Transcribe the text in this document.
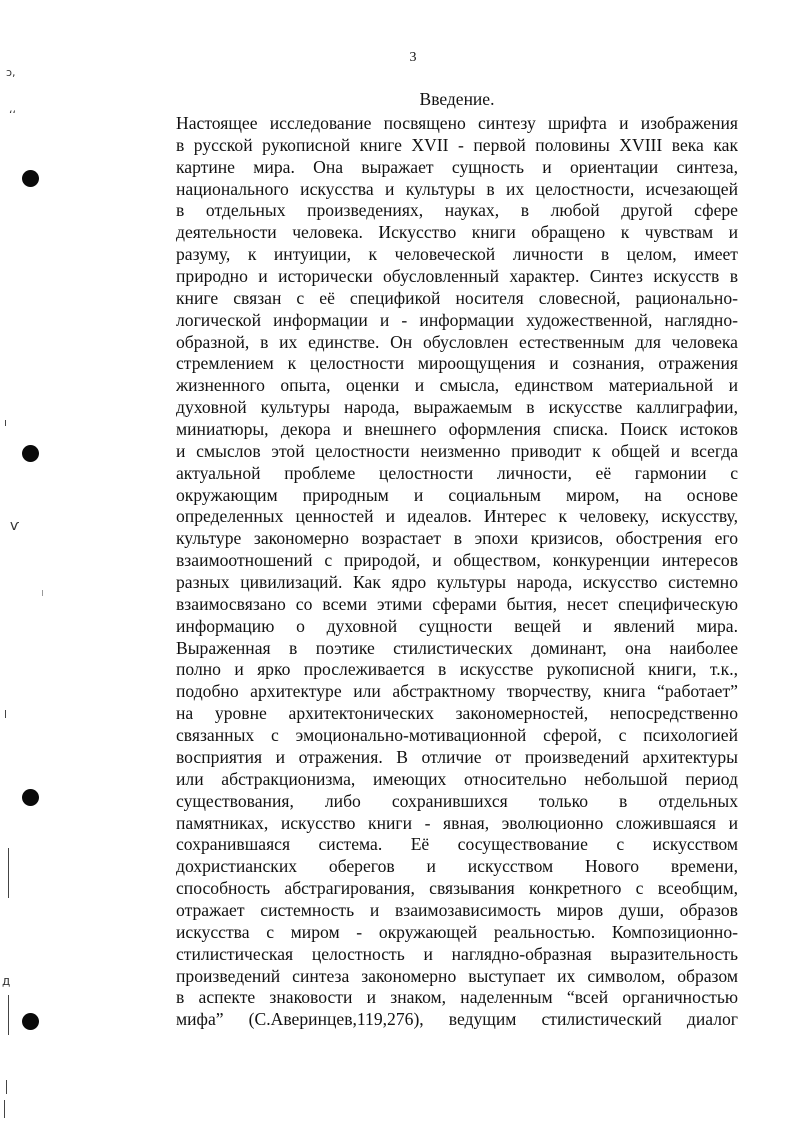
3
Введение.
Настоящее исследование посвящено синтезу шрифта и изображения
в русской рукописной книге XVII - первой половины XVIII века как
картине мира. Она выражает сущность и ориентации синтеза,
национального искусства и культуры в их целостности, исчезающей
в отдельных произведениях, науках, в любой другой сфере
деятельности человека. Искусство книги обращено к чувствам и
разуму, к интуиции, к человеческой личности в целом, имеет
природно и исторически обусловленный характер. Синтез искусств в
книге связан с её спецификой носителя словесной, рационально-
логической информации и - информации художественной, наглядно-
образной, в их единстве. Он обусловлен естественным для человека
стремлением к целостности мироощущения и сознания, отражения
жизненного опыта, оценки и смысла, единством материальной и
духовной культуры народа, выражаемым в искусстве каллиграфии,
миниатюры, декора и внешнего оформления списка. Поиск истоков
и смыслов этой целостности неизменно приводит к общей и всегда
актуальной проблеме целостности личности, её гармонии с
окружающим природным и социальным миром, на основе
определенных ценностей и идеалов. Интерес к человеку, искусству,
культуре закономерно возрастает в эпохи кризисов, обострения его
взаимоотношений с природой, и обществом, конкуренции интересов
разных цивилизаций. Как ядро культуры народа, искусство системно
взаимосвязано со всеми этими сферами бытия, несет специфическую
информацию о духовной сущности вещей и явлений мира.
Выраженная в поэтике стилистических доминант, она наиболее
полно и ярко прослеживается в искусстве рукописной книги, т.к.,
подобно архитектуре или абстрактному творчеству, книга “работает”
на уровне архитектонических закономерностей, непосредственно
связанных с эмоционально-мотивационной сферой, с психологией
восприятия и отражения. В отличие от произведений архитектуры
или абстракционизма, имеющих относительно небольшой период
существования, либо сохранившихся только в отдельных
памятниках, искусство книги - явная, эволюционно сложившаяся и
сохранившаяся система. Её сосуществование с искусством
дохристианских оберегов и искусством Нового времени,
способность абстрагирования, связывания конкретного с всеобщим,
отражает системность и взаимозависимость миров души, образов
искусства с миром - окружающей реальностью. Композиционно-
стилистическая целостность и наглядно-образная выразительность
произведений синтеза закономерно выступает их символом, образом
в аспекте знаковости и знаком, наделенным “всей органичностью
мифа” (С.Аверинцев,119,276), ведущим стилистический диалог
ↄ,
ʻʻ
ѵ
д
